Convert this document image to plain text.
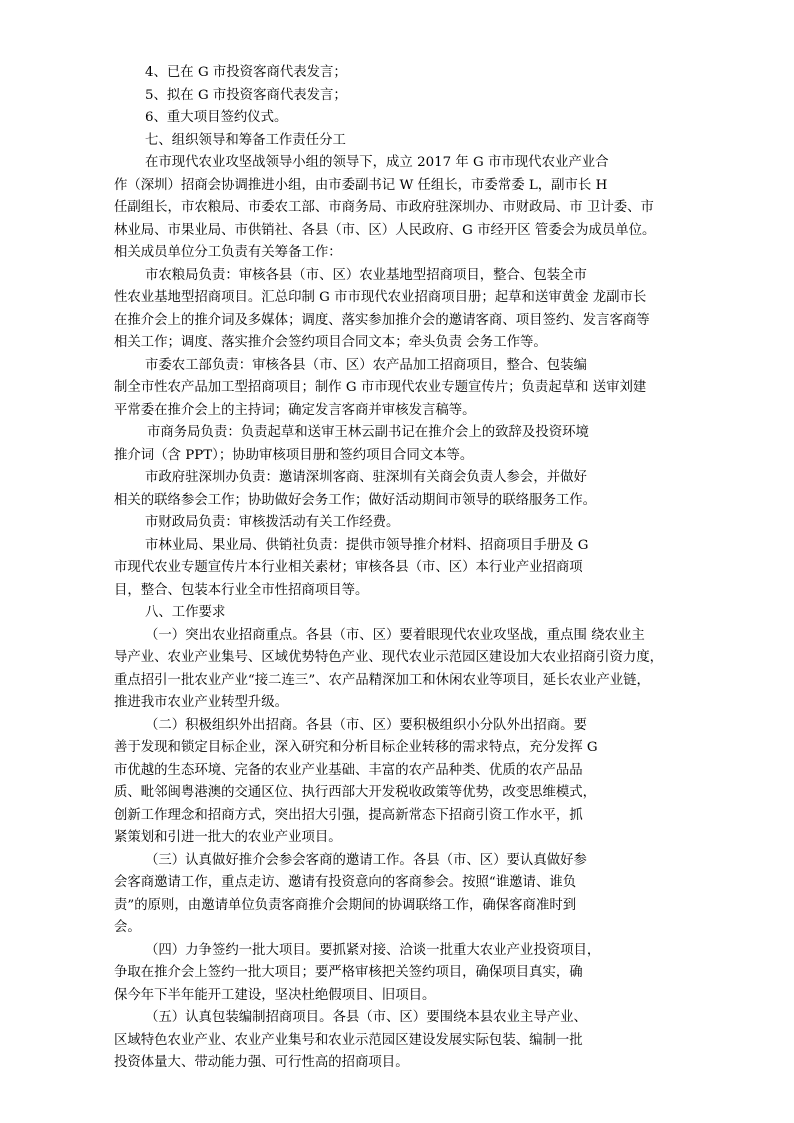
4、已在 G 市投资客商代表发言；
5、拟在 G 市投资客商代表发言；
6、重大项目签约仪式。
七、组织领导和筹备工作责任分工
在市现代农业攻坚战领导小组的领导下，成立 2017 年 G 市市现代农业产业合
作（深圳）招商会协调推进小组，由市委副书记 W 任组长，市委常委 L，副市长 H
任副组长，市农粮局、市委农工部、市商务局、市政府驻深圳办、市财政局、市 卫计委、市
林业局、市果业局、市供销社、各县（市、区）人民政府、G 市经开区 管委会为成员单位。
相关成员单位分工负责有关筹备工作：
市农粮局负责：审核各县（市、区）农业基地型招商项目，整合、包装全市
性农业基地型招商项目。汇总印制 G 市市现代农业招商项目册；起草和送审黄金 龙副市长
在推介会上的推介词及多媒体；调度、落实参加推介会的邀请客商、项目签约、发言客商等
相关工作；调度、落实推介会签约项目合同文本；牵头负责 会务工作等。
市委农工部负责：审核各县（市、区）农产品加工招商项目，整合、包装编
制全市性农产品加工型招商项目；制作 G 市市现代农业专题宣传片；负责起草和 送审刘建
平常委在推介会上的主持词；确定发言客商并审核发言稿等。
市商务局负责：负责起草和送审王林云副书记在推介会上的致辞及投资环境
推介词（含 PPT）；协助审核项目册和签约项目合同文本等。
市政府驻深圳办负责：邀请深圳客商、驻深圳有关商会负责人参会，并做好
相关的联络参会工作；协助做好会务工作；做好活动期间市领导的联络服务工作。
市财政局负责：审核拨活动有关工作经费。
市林业局、果业局、供销社负责：提供市领导推介材料、招商项目手册及 G
市现代农业专题宣传片本行业相关素材；审核各县（市、区）本行业产业招商项
目，整合、包装本行业全市性招商项目等。
八、工作要求
（一）突出农业招商重点。各县（市、区）要着眼现代农业攻坚战，重点围 绕农业主
导产业、农业产业集号、区域优势特色产业、现代农业示范园区建设加大农业招商引资力度，
重点招引一批农业产业“接二连三”、农产品精深加工和休闲农业等项目，延长农业产业链，
推进我市农业产业转型升级。
（二）积极组织外出招商。各县（市、区）要积极组织小分队外出招商。要
善于发现和锁定目标企业，深入研究和分析目标企业转移的需求特点，充分发挥 G
市优越的生态环境、完备的农业产业基础、丰富的农产品种类、优质的农产品品
质、毗邻闽粤港澳的交通区位、执行西部大开发税收政策等优势，改变思维模式，
创新工作理念和招商方式，突出招大引强，提高新常态下招商引资工作水平，抓
紧策划和引进一批大的农业产业项目。
（三）认真做好推介会参会客商的邀请工作。各县（市、区）要认真做好参
会客商邀请工作，重点走访、邀请有投资意向的客商参会。按照“谁邀请、谁负
责”的原则，由邀请单位负责客商推介会期间的协调联络工作，确保客商准时到
会。
（四）力争签约一批大项目。要抓紧对接、洽谈一批重大农业产业投资项目，
争取在推介会上签约一批大项目；要严格审核把关签约项目，确保项目真实，确
保今年下半年能开工建设，坚决杜绝假项目、旧项目。
（五）认真包装编制招商项目。各县（市、区）要围绕本县农业主导产业、
区域特色农业产业、农业产业集号和农业示范园区建设发展实际包装、编制一批
投资体量大、带动能力强、可行性高的招商项目。
